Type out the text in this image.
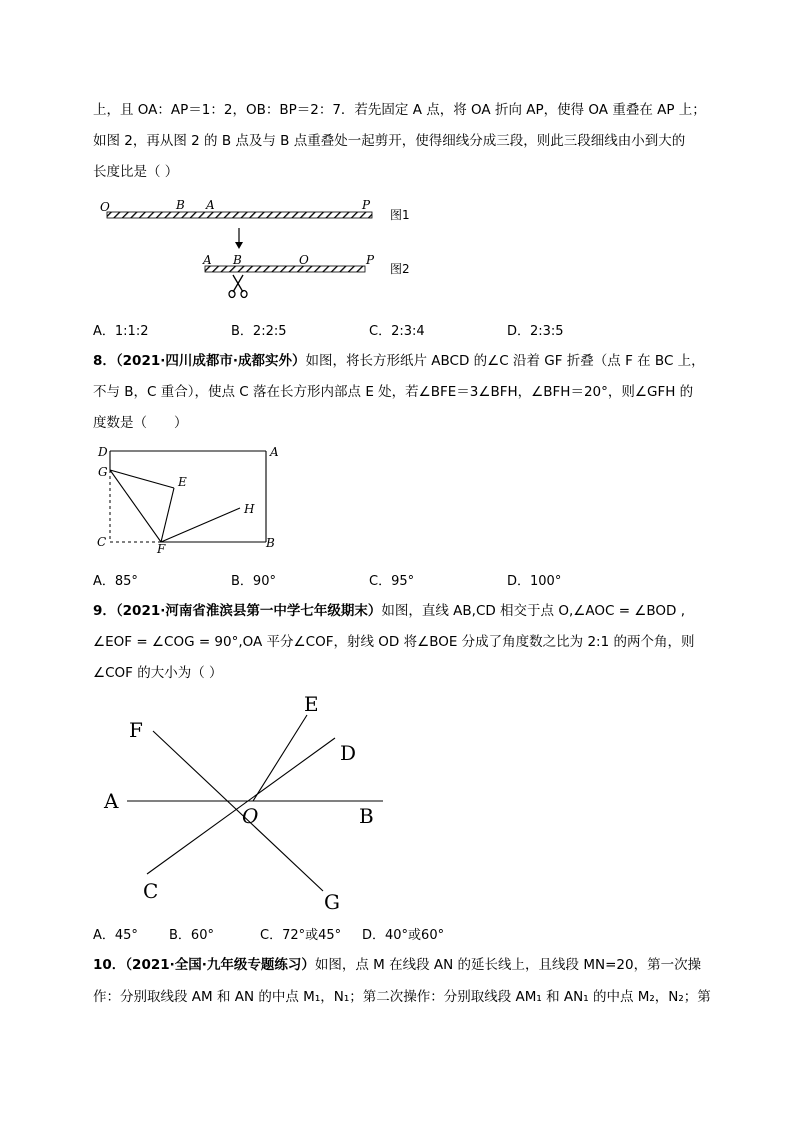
上，且 OA：AP＝1：2，OB：BP＝2：7．若先固定 A 点，将 OA 折向 AP，使得 OA 重叠在 AP 上；
如图 2，再从图 2 的 B 点及与 B 点重叠处一起剪开，使得细线分成三段，则此三段细线由小到大的
长度比是（ ）
O	B A	P
图1
A B	O	P
图2
A．1:1:2	B．2:2:5	C．2:3:4	D．2:3:5
8．（2021·四川成都市·成都实外）如图，将长方形纸片 ABCD 的∠C 沿着 GF 折叠（点 F 在 BC 上，
不与 B，C 重合），使点 C 落在长方形内部点 E 处，若∠BFE＝3∠BFH，∠BFH＝20°，则∠GFH 的
度数是（　　）
D	A
G
E
H
C	F	B
A．85°	B．90°	C．95°	D．100°
9．（2021·河南省淮滨县第一中学七年级期末）如图，直线 AB,CD 相交于点 O,∠AOC = ∠BOD ,
∠EOF = ∠COG = 90°,OA 平分∠COF，射线 OD 将∠BOE 分成了角度数之比为 2:1 的两个角，则
∠COF 的大小为（ ）
E
F
D
A
O	B
C	G
A．45° B．60°	C．72°或45° D．40°或60°
10．（2021·全国·九年级专题练习）如图，点 M 在线段 AN 的延长线上，且线段 MN=20，第一次操
作：分别取线段 AM 和 AN 的中点 M₁，N₁；第二次操作：分别取线段 AM₁ 和 AN₁ 的中点 M₂，N₂；第
